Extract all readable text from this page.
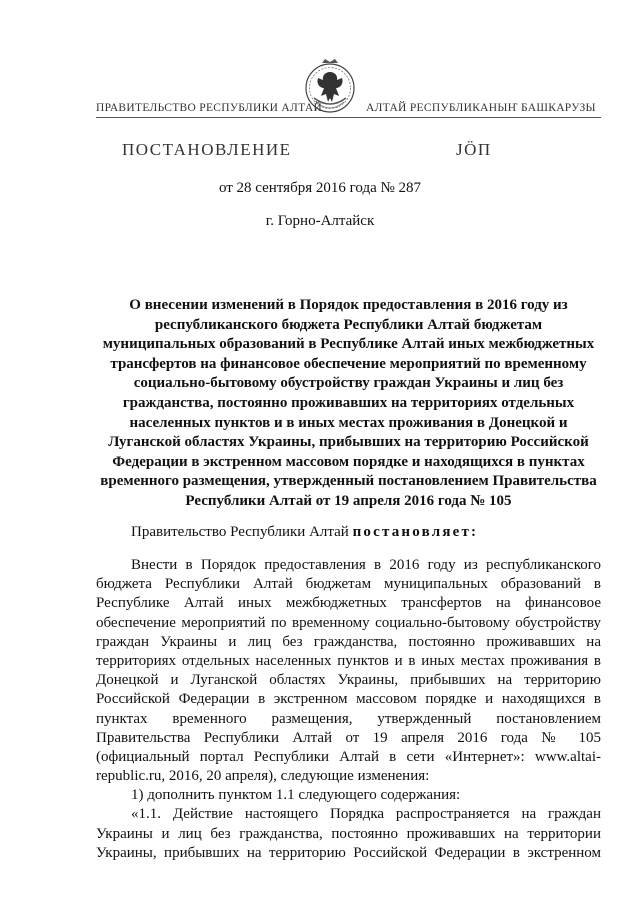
ПРАВИТЕЛЬСТВО РЕСПУБЛИКИ АЛТАЙ	АЛТАЙ РЕСПУБЛИКАНЫҤ БАШКАРУЗЫ
ПОСТАНОВЛЕНИЕ	JӦП
от 28 сентября 2016 года № 287
г. Горно-Алтайск
О внесении изменений в Порядок предоставления в 2016 году из
республиканского бюджета Республики Алтай бюджетам
муниципальных образований в Республике Алтай иных межбюджетных
трансфертов на финансовое обеспечение мероприятий по временному
социально-бытовому обустройству граждан Украины и лиц без
гражданства, постоянно проживавших на территориях отдельных
населенных пунктов и в иных местах проживания в Донецкой и
Луганской областях Украины, прибывших на территорию Российской
Федерации в экстренном массовом порядке и находящихся в пунктах
временного размещения, утвержденный постановлением Правительства
Республики Алтай от 19 апреля 2016 года № 105
Правительство Республики Алтай постановляет:
Внести в Порядок предоставления в 2016 году из республиканского
бюджета Республики Алтай бюджетам муниципальных образований в
Республике Алтай иных межбюджетных трансфертов на финансовое
обеспечение мероприятий по временному социально-бытовому обустройству
граждан Украины и лиц без гражданства, постоянно проживавших на
территориях отдельных населенных пунктов и в иных местах проживания в
Донецкой и Луганской областях Украины, прибывших на территорию
Российской Федерации в экстренном массовом порядке и находящихся в
пунктах временного размещения, утвержденный постановлением
Правительства Республики Алтай от 19 апреля 2016 года № 105
(официальный портал Республики Алтай в сети «Интернет»: www.altai-
republic.ru, 2016, 20 апреля), следующие изменения:
1) дополнить пунктом 1.1 следующего содержания:
«1.1. Действие настоящего Порядка распространяется на граждан
Украины и лиц без гражданства, постоянно проживавших на территории
Украины, прибывших на территорию Российской Федерации в экстренном
